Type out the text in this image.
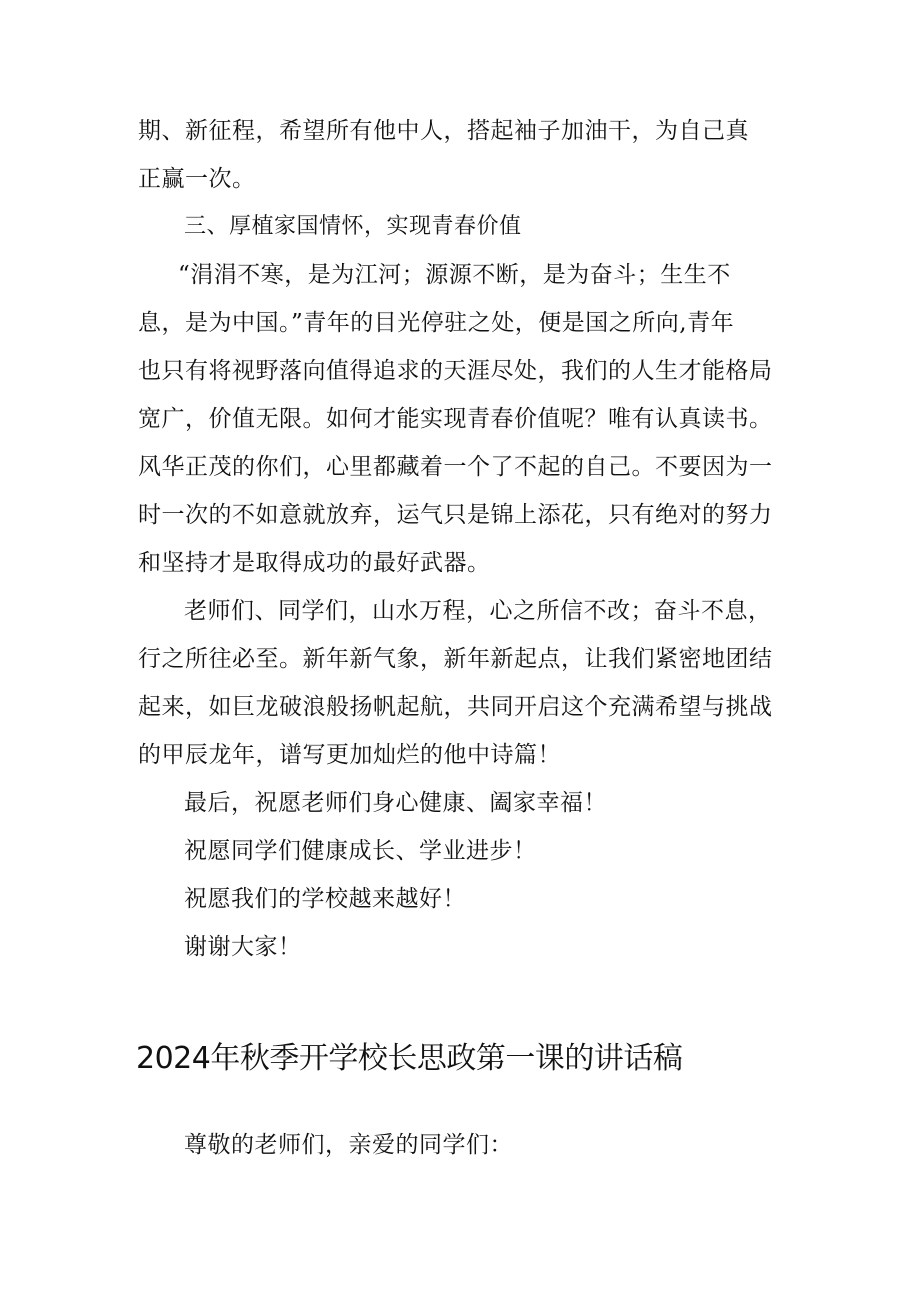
期、新征程，希望所有他中人，搭起袖子加油干，为自己真

正赢一次。

三、厚植家国情怀，实现青春价值

“涓涓不寒，是为江河；源源不断，是为奋斗；生生不

息，是为中国。”青年的目光停驻之处，便是国之所向,青年

也只有将视野落向值得追求的天涯尽处，我们的人生才能格局

宽广，价值无限。如何才能实现青春价值呢？唯有认真读书。

风华正茂的你们，心里都藏着一个了不起的自己。不要因为一

时一次的不如意就放弃，运气只是锦上添花，只有绝对的努力

和坚持才是取得成功的最好武器。

老师们、同学们，山水万程，心之所信不改；奋斗不息，

行之所往必至。新年新气象，新年新起点，让我们紧密地团结

起来，如巨龙破浪般扬帆起航，共同开启这个充满希望与挑战

的甲辰龙年，谱写更加灿烂的他中诗篇！

最后，祝愿老师们身心健康、阖家幸福！

祝愿同学们健康成长、学业进步！

祝愿我们的学校越来越好！

谢谢大家！

2024年秋季开学校长思政第一课的讲话稿

尊敬的老师们，亲爱的同学们：
